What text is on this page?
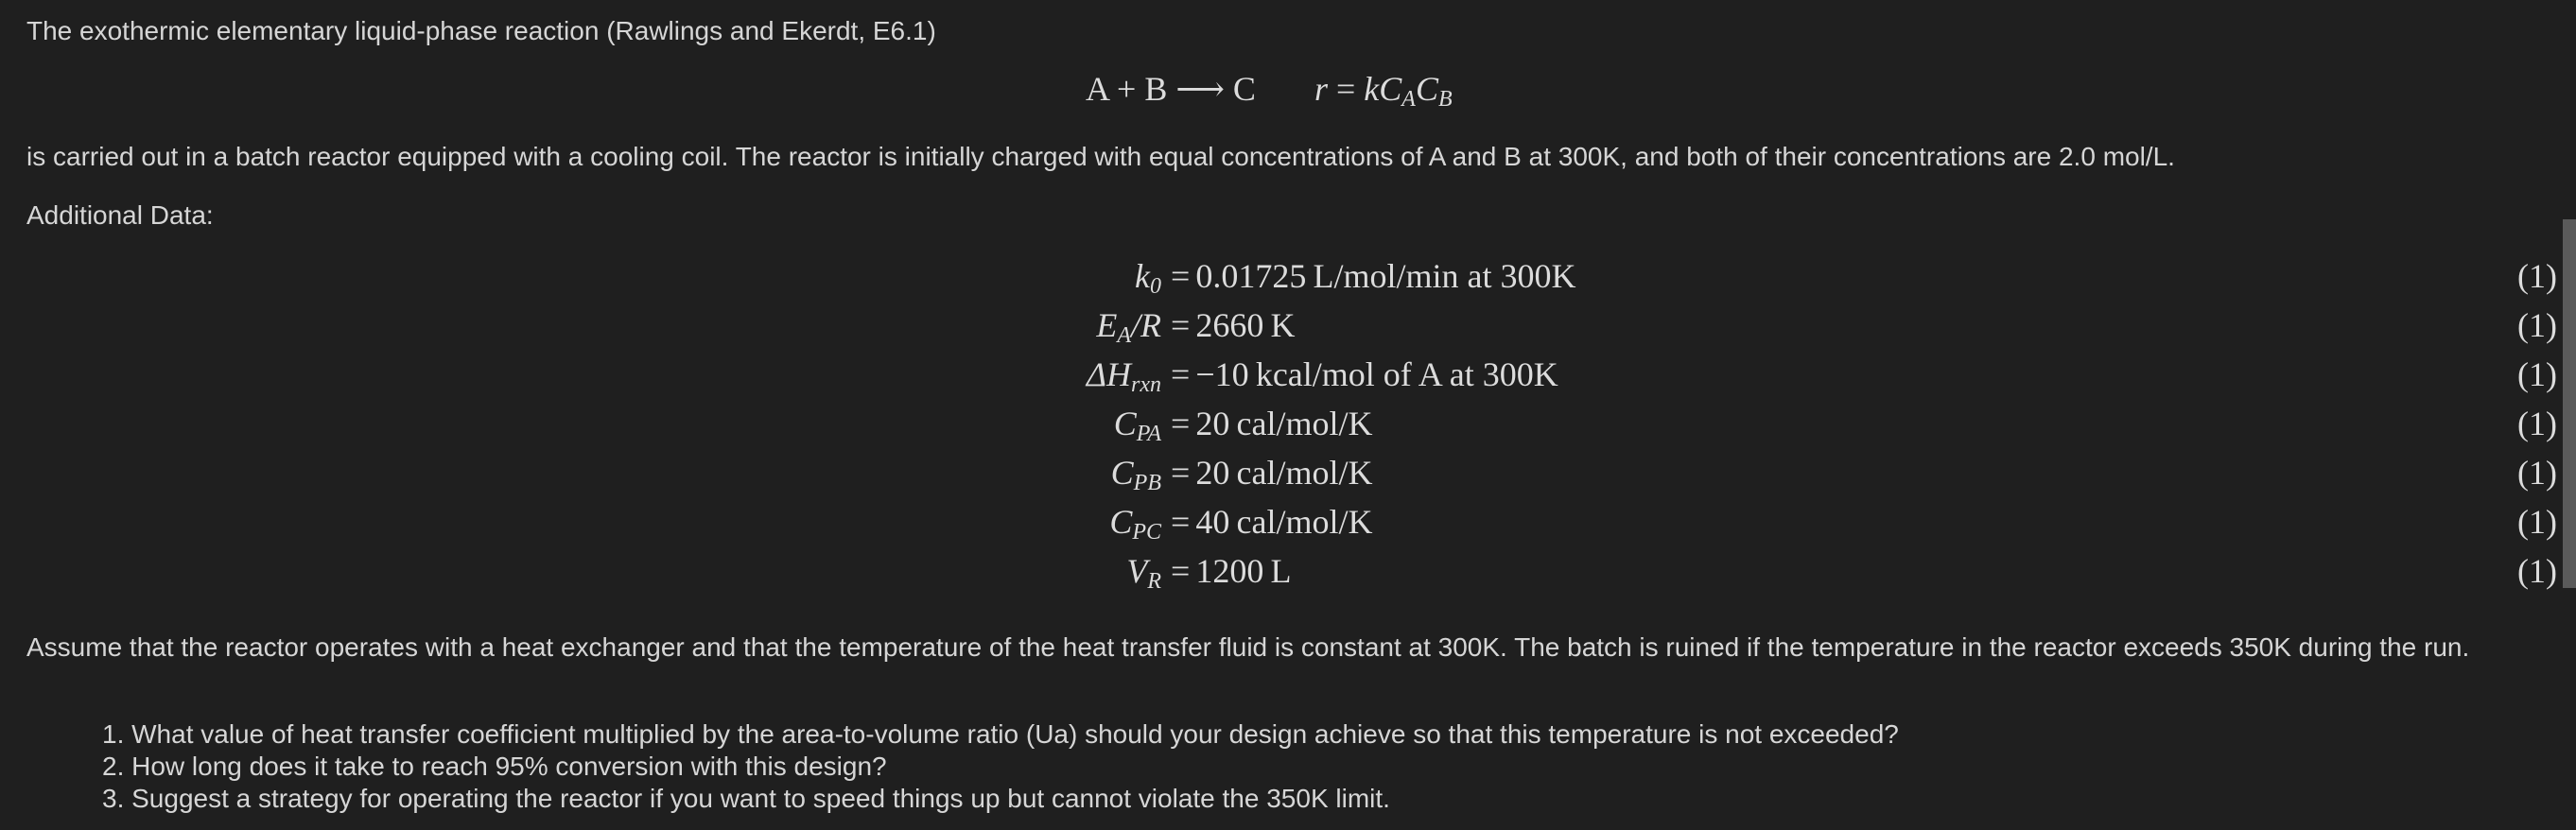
The exothermic elementary liquid-phase reaction (Rawlings and Ekerdt, E6.1)

A + B ⟶ C $r = kC_AC_B$

is carried out in a batch reactor equipped with a cooling coil. The reactor is initially charged with equal concentrations of A and B at 300K, and both of their concentrations are 2.0 mol/L.

Additional Data:

$k_0 = 0.01725$ L/mol/min at 300K	(1)
$E_A/R = 2660$ K	(1)
$\Delta H_{rxn} = -10$ kcal/mol of A at 300K	(1)
$C_{PA} = 20$ cal/mol/K	(1)
$C_{PB} = 20$ cal/mol/K	(1)
$C_{PC} = 40$ cal/mol/K	(1)
$V_R = 1200$ L	(1)

Assume that the reactor operates with a heat exchanger and that the temperature of the heat transfer fluid is constant at 300K. The batch is ruined if the temperature in the reactor exceeds 350K during the run.

1. What value of heat transfer coefficient multiplied by the area-to-volume ratio (Ua) should your design achieve so that this temperature is not exceeded?
2. How long does it take to reach 95% conversion with this design?
3. Suggest a strategy for operating the reactor if you want to speed things up but cannot violate the 350K limit.
